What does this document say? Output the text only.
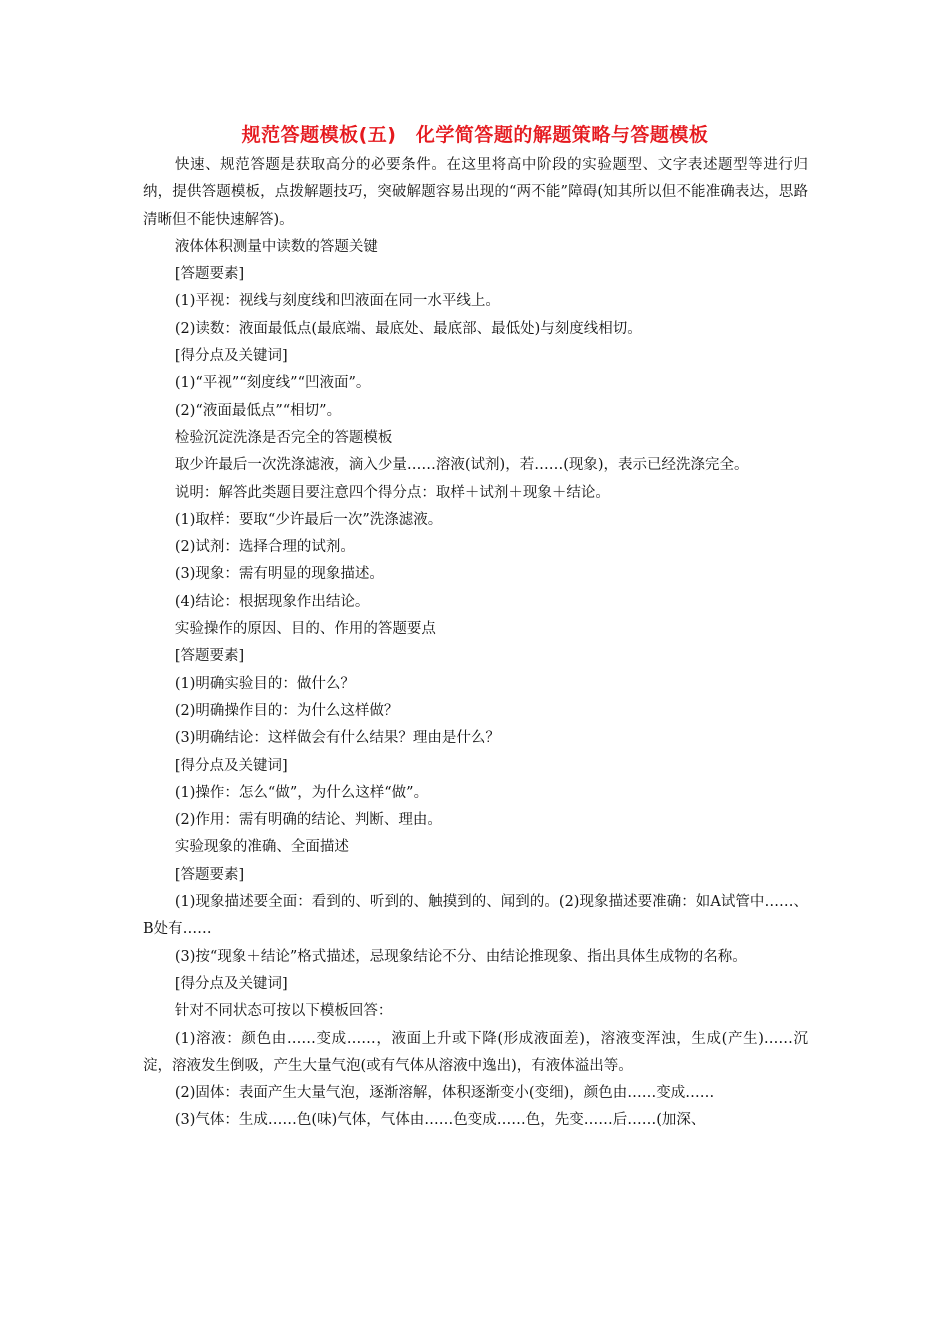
规范答题模板(五)　化学简答题的解题策略与答题模板

快速、规范答题是获取高分的必要条件。在这里将高中阶段的实验题型、文字表述题型等进行归纳，提供答题模板，点拨解题技巧，突破解题容易出现的“两不能”障碍(知其所以但不能准确表达，思路清晰但不能快速解答)。

液体体积测量中读数的答题关键

[答题要素]

(1)平视：视线与刻度线和凹液面在同一水平线上。

(2)读数：液面最低点(最底端、最底处、最底部、最低处)与刻度线相切。

[得分点及关键词]

(1)“平视”“刻度线”“凹液面”。

(2)“液面最低点”“相切”。

检验沉淀洗涤是否完全的答题模板

取少许最后一次洗涤滤液，滴入少量……溶液(试剂)，若……(现象)，表示已经洗涤完全。

说明：解答此类题目要注意四个得分点：取样＋试剂＋现象＋结论。

(1)取样：要取“少许最后一次”洗涤滤液。

(2)试剂：选择合理的试剂。

(3)现象：需有明显的现象描述。

(4)结论：根据现象作出结论。

实验操作的原因、目的、作用的答题要点

[答题要素]

(1)明确实验目的：做什么？

(2)明确操作目的：为什么这样做？

(3)明确结论：这样做会有什么结果？理由是什么？

[得分点及关键词]

(1)操作：怎么“做”，为什么这样“做”。

(2)作用：需有明确的结论、判断、理由。

实验现象的准确、全面描述

[答题要素]

(1)现象描述要全面：看到的、听到的、触摸到的、闻到的。(2)现象描述要准确：如A试管中……、B处有……

(3)按“现象＋结论”格式描述，忌现象结论不分、由结论推现象、指出具体生成物的名称。

[得分点及关键词]

针对不同状态可按以下模板回答：

(1)溶液：颜色由……变成……，液面上升或下降(形成液面差)，溶液变浑浊，生成(产生)……沉淀，溶液发生倒吸，产生大量气泡(或有气体从溶液中逸出)，有液体溢出等。

(2)固体：表面产生大量气泡，逐渐溶解，体积逐渐变小(变细)，颜色由……变成……

(3)气体：生成……色(味)气体，气体由……色变成……色，先变……后……(加深、
